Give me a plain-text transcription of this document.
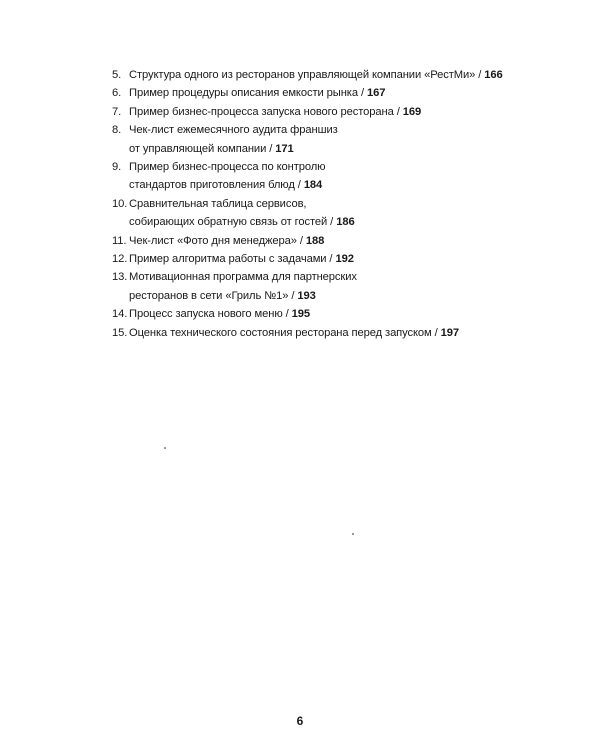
5. Структура одного из ресторанов управляющей компании «РестМи» / 166
6. Пример процедуры описания емкости рынка / 167
7. Пример бизнес-процесса запуска нового ресторана / 169
8. Чек-лист ежемесячного аудита франшиз
от управляющей компании / 171
9. Пример бизнес-процесса по контролю
стандартов приготовления блюд / 184
10. Сравнительная таблица сервисов,
собирающих обратную связь от гостей / 186
11. Чек-лист «Фото дня менеджера» / 188
12. Пример алгоритма работы с задачами / 192
13. Мотивационная программа для партнерских
ресторанов в сети «Гриль №1» / 193
14. Процесс запуска нового меню / 195
15. Оценка технического состояния ресторана перед запуском / 197
6
